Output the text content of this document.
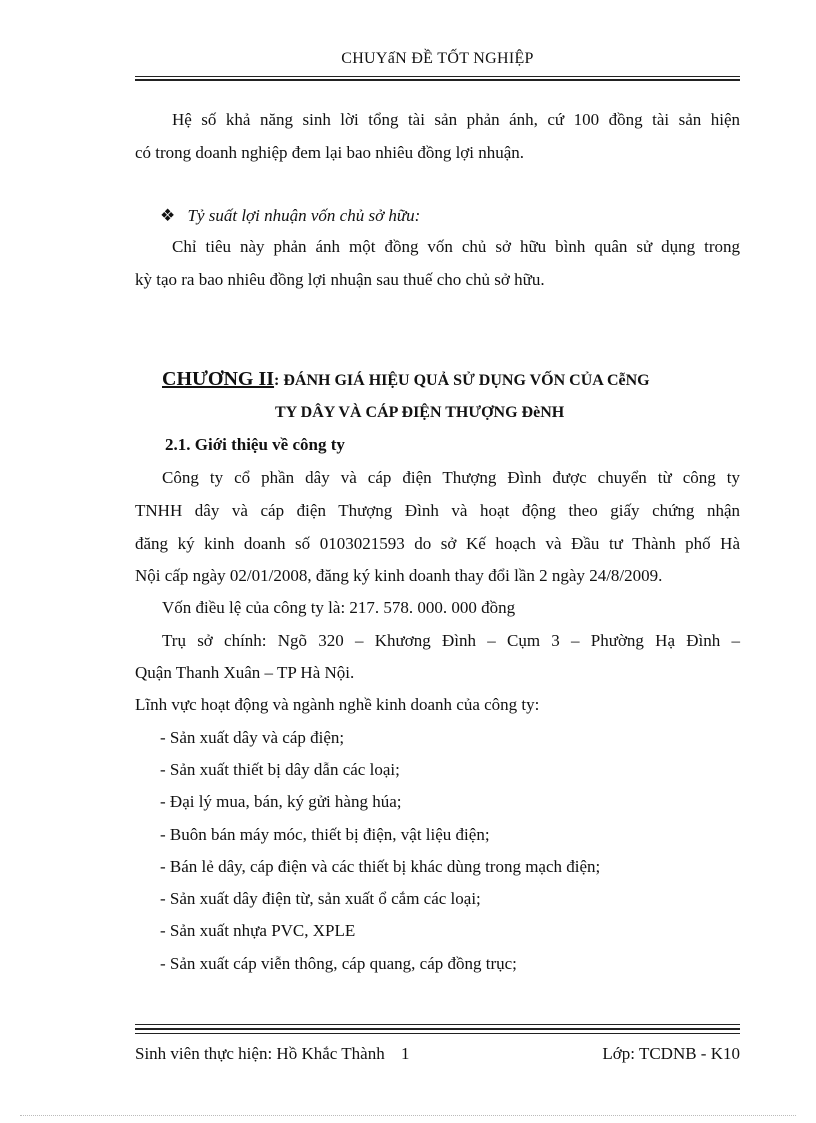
CHUYấN ĐỀ TỐT NGHIỆP
Hệ số khả năng sinh lời tổng tài sản phản ánh, cứ 100 đồng tài sản hiện
có trong doanh nghiệp đem lại bao nhiêu đồng lợi nhuận.
❖ Tỷ suất lợi nhuận vốn chủ sở hữu:
Chỉ tiêu này phản ánh một đồng vốn chủ sở hữu bình quân sử dụng trong
kỳ tạo ra bao nhiêu đồng lợi nhuận sau thuế cho chủ sở hữu.
CHƯƠNG II: ĐÁNH GIÁ HIỆU QUẢ SỬ DỤNG VỐN CỦA CễNG
TY DÂY VÀ CÁP ĐIỆN THƯỢNG ĐèNH
2.1. Giới thiệu về công ty
Công ty cổ phần dây và cáp điện Thượng Đình được chuyển từ công ty
TNHH dây và cáp điện Thượng Đình và hoạt động theo giấy chứng nhận
đăng ký kinh doanh số 0103021593 do sở Kế hoạch và Đầu tư Thành phố Hà
Nội cấp ngày 02/01/2008, đăng ký kinh doanh thay đổi lần 2 ngày 24/8/2009.
Vốn điều lệ của công ty là: 217. 578. 000. 000 đồng
Trụ sở chính: Ngõ 320 – Khương Đình – Cụm 3 – Phường Hạ Đình –
Quận Thanh Xuân – TP Hà Nội.
Lĩnh vực hoạt động và ngành nghề kinh doanh của công ty:
- Sản xuất dây và cáp điện;
- Sản xuất thiết bị dây dẫn các loại;
- Đại lý mua, bán, ký gửi hàng húa;
- Buôn bán máy móc, thiết bị điện, vật liệu điện;
- Bán lẻ dây, cáp điện và các thiết bị khác dùng trong mạch điện;
- Sản xuất dây điện từ, sản xuất ổ cắm các loại;
- Sản xuất nhựa PVC, XPLE
- Sản xuất cáp viễn thông, cáp quang, cáp đồng trục;
Sinh viên thực hiện: Hồ Khắc Thành 1	Lớp: TCDNB - K10
